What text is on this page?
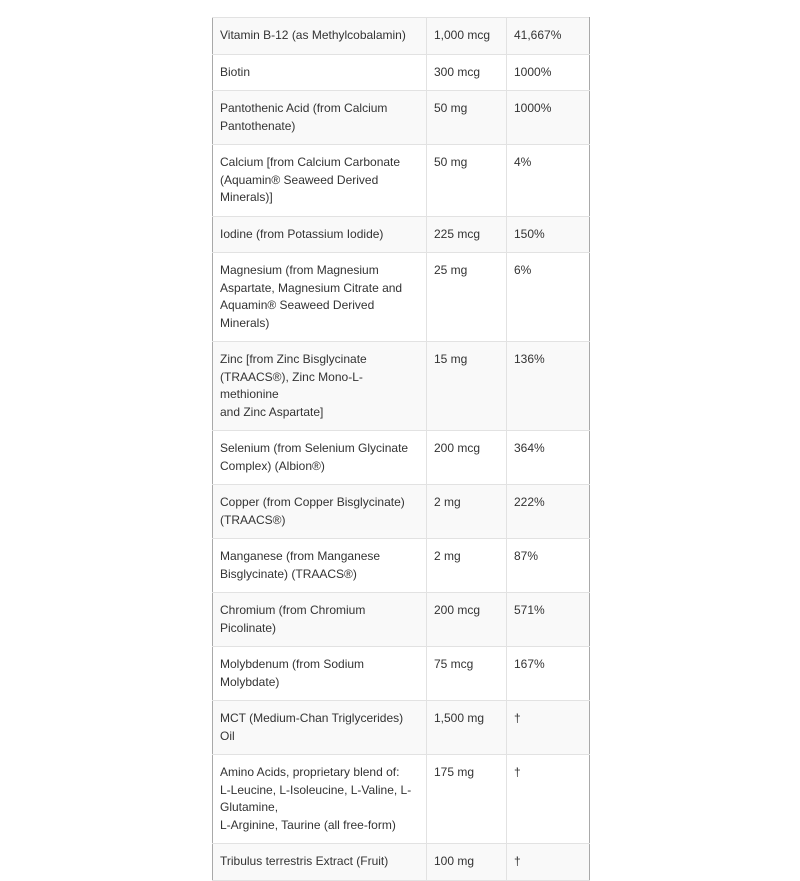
Vitamin B-12 (as Methylcobalamin)	1,000 mcg	41,667%
Biotin	300 mcg	1000%
Pantothenic Acid (from Calcium
Pantothenate)	50 mg	1000%
Calcium [from Calcium Carbonate
(Aquamin® Seaweed Derived
Minerals)]	50 mg	4%
Iodine (from Potassium Iodide)	225 mcg	150%
Magnesium (from Magnesium
Aspartate, Magnesium Citrate and
Aquamin® Seaweed Derived
Minerals)	25 mg	6%
Zinc [from Zinc Bisglycinate
(TRAACS®), Zinc Mono-L-methionine
and Zinc Aspartate]	15 mg	136%
Selenium (from Selenium Glycinate
Complex) (Albion®)	200 mcg	364%
Copper (from Copper Bisglycinate)
(TRAACS®)	2 mg	222%
Manganese (from Manganese
Bisglycinate) (TRAACS®)	2 mg	87%
Chromium (from Chromium
Picolinate)	200 mcg	571%
Molybdenum (from Sodium
Molybdate)	75 mcg	167%
MCT (Medium-Chan Triglycerides) Oil	1,500 mg	†
Amino Acids, proprietary blend of:
L-Leucine, L-Isoleucine, L-Valine, L-
Glutamine,
L-Arginine, Taurine (all free-form)	175 mg	†
Tribulus terrestris Extract (Fruit)	100 mg	†
